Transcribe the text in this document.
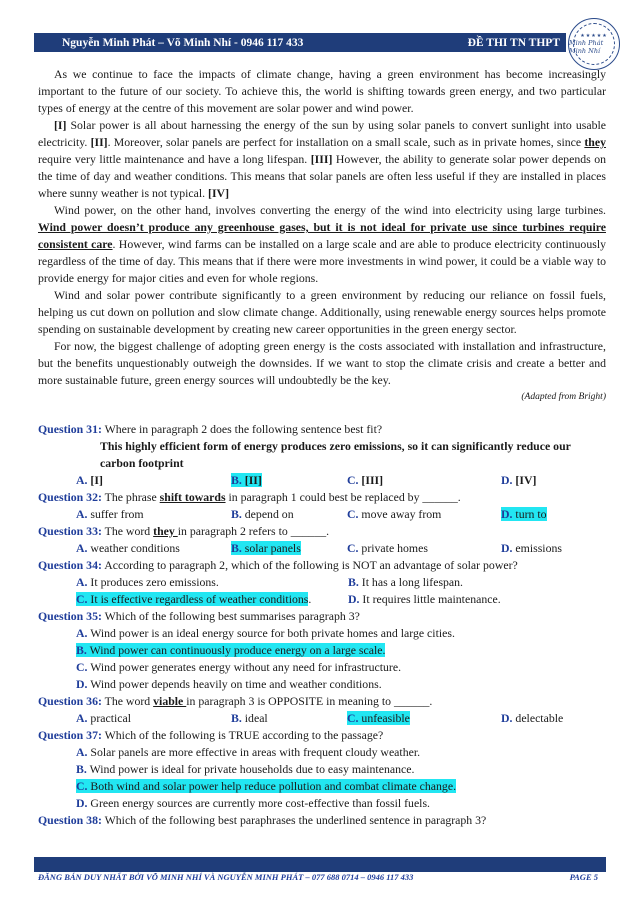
Nguyễn Minh Phát – Võ Minh Nhí - 0946 117 433	ĐỀ THI TN THPT	★★★★★
Minh Phát Minh Nhí

As we continue to face the impacts of climate change, having a green environment has become increasingly important to the future of our society. To achieve this, the world is shifting towards green energy, and two particular types of energy at the centre of this movement are solar power and wind power.

[I] Solar power is all about harnessing the energy of the sun by using solar panels to convert sunlight into usable electricity. [II]. Moreover, solar panels are perfect for installation on a small scale, such as in private homes, since they require very little maintenance and have a long lifespan. [III] However, the ability to generate solar power depends on the time of day and weather conditions. This means that solar panels are often less useful if they are installed in places where sunny weather is not typical. [IV]

Wind power, on the other hand, involves converting the energy of the wind into electricity using large turbines. Wind power doesn’t produce any greenhouse gases, but it is not ideal for private use since turbines require consistent care. However, wind farms can be installed on a large scale and are able to produce electricity continuously regardless of the time of day. This means that if there were more investments in wind power, it could be a viable way to provide energy for major cities and even for whole regions.

Wind and solar power contribute significantly to a green environment by reducing our reliance on fossil fuels, helping us cut down on pollution and slow climate change. Additionally, using renewable energy sources helps promote spending on sustainable development by creating new career opportunities in the green energy sector.

For now, the biggest challenge of adopting green energy is the costs associated with installation and infrastructure, but the benefits unquestionably outweigh the downsides. If we want to stop the climate crisis and create a better and more sustainable future, green energy sources will undoubtedly be the key.

(Adapted from Bright)

Question 31: Where in paragraph 2 does the following sentence best fit?

This highly efficient form of energy produces zero emissions, so it can significantly reduce our carbon footprint

A. [I]	B. [II]	C. [III]	D. [IV]

Question 32: The phrase shift towards in paragraph 1 could best be replaced by ______.

A. suffer from	B. depend on	C. move away from	D. turn to

Question 33: The word they in paragraph 2 refers to ______.

A. weather conditions	B. solar panels	C. private homes	D. emissions

Question 34: According to paragraph 2, which of the following is NOT an advantage of solar power?

A. It produces zero emissions.	B. It has a long lifespan.
C. It is effective regardless of weather conditions.	D. It requires little maintenance.

Question 35: Which of the following best summarises paragraph 3?

A. Wind power is an ideal energy source for both private homes and large cities.

B. Wind power can continuously produce energy on a large scale.

C. Wind power generates energy without any need for infrastructure.

D. Wind power depends heavily on time and weather conditions.

Question 36: The word viable in paragraph 3 is OPPOSITE in meaning to ______.

A. practical	B. ideal	C. unfeasible	D. delectable

Question 37: Which of the following is TRUE according to the passage?

A. Solar panels are more effective in areas with frequent cloudy weather.

B. Wind power is ideal for private households due to easy maintenance.

C. Both wind and solar power help reduce pollution and combat climate change.

D. Green energy sources are currently more cost-effective than fossil fuels.

Question 38: Which of the following best paraphrases the underlined sentence in paragraph 3?

ĐĂNG BÁN DUY NHẤT BỞI VÕ MINH NHÍ VÀ NGUYỄN MINH PHÁT – 077 688 0714 – 0946 117 433	PAGE 5
